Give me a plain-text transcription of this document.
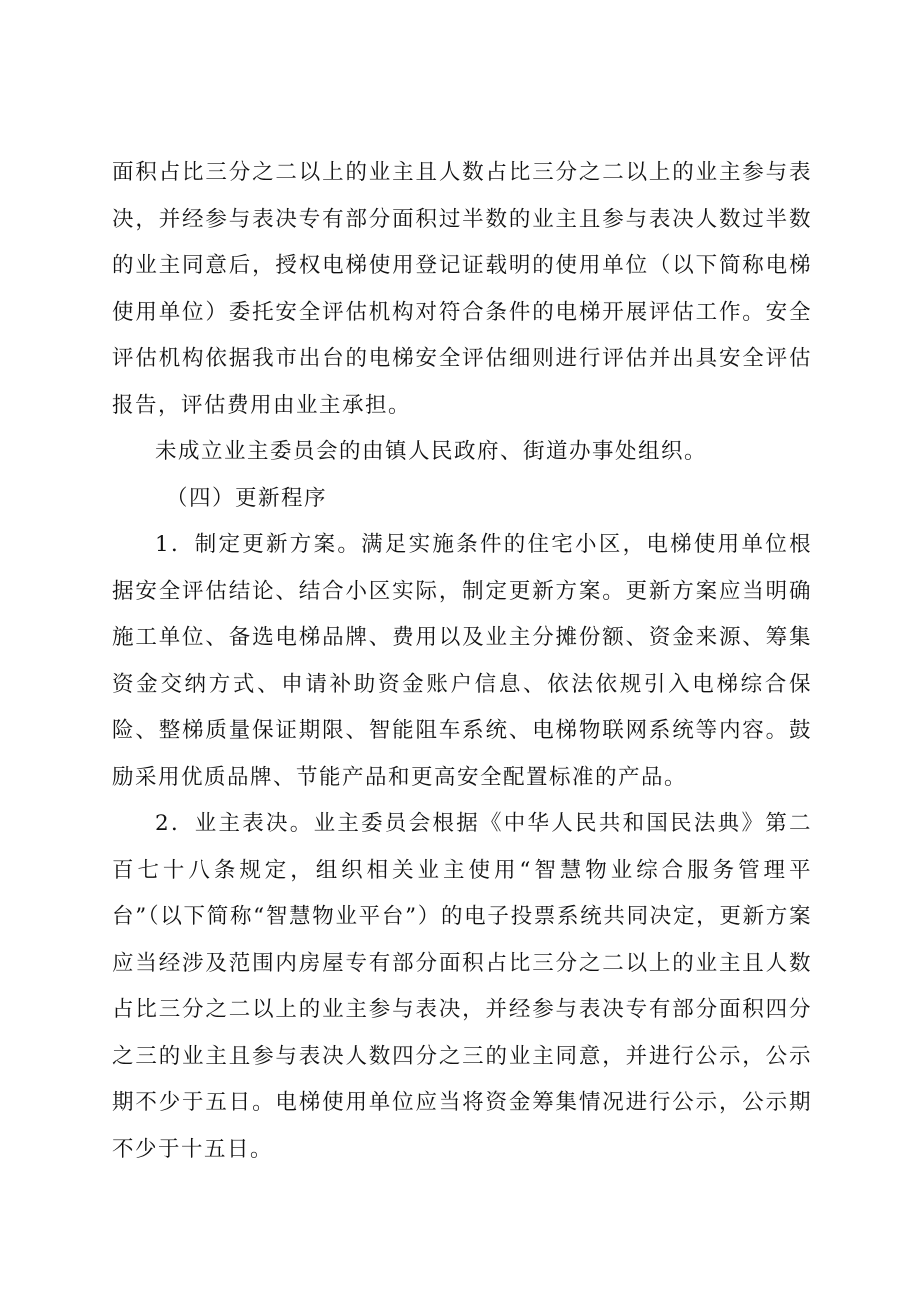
面积占比三分之二以上的业主且人数占比三分之二以上的业主参与表决，并经参与表决专有部分面积过半数的业主且参与表决人数过半数的业主同意后，授权电梯使用登记证载明的使用单位（以下简称电梯使用单位）委托安全评估机构对符合条件的电梯开展评估工作。安全评估机构依据我市出台的电梯安全评估细则进行评估并出具安全评估报告，评估费用由业主承担。

未成立业主委员会的由镇人民政府、街道办事处组织。

（四）更新程序

1．制定更新方案。满足实施条件的住宅小区，电梯使用单位根据安全评估结论、结合小区实际，制定更新方案。更新方案应当明确施工单位、备选电梯品牌、费用以及业主分摊份额、资金来源、筹集资金交纳方式、申请补助资金账户信息、依法依规引入电梯综合保险、整梯质量保证期限、智能阻车系统、电梯物联网系统等内容。鼓励采用优质品牌、节能产品和更高安全配置标准的产品。

2．业主表决。业主委员会根据《中华人民共和国民法典》第二百七十八条规定，组织相关业主使用“智慧物业综合服务管理平台”（以下简称“智慧物业平台”）的电子投票系统共同决定，更新方案应当经涉及范围内房屋专有部分面积占比三分之二以上的业主且人数占比三分之二以上的业主参与表决，并经参与表决专有部分面积四分之三的业主且参与表决人数四分之三的业主同意，并进行公示，公示期不少于五日。电梯使用单位应当将资金筹集情况进行公示，公示期不少于十五日。
